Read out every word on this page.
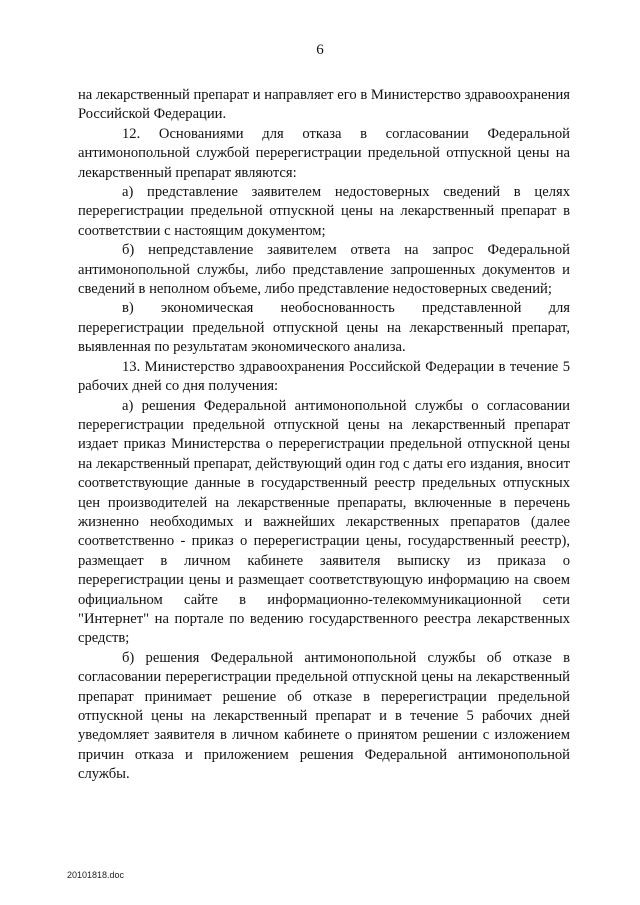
6

на лекарственный препарат и направляет его в Министерство здравоохранения Российской Федерации.

12. Основаниями для отказа в согласовании Федеральной антимонопольной службой перерегистрации предельной отпускной цены на лекарственный препарат являются:

а) представление заявителем недостоверных сведений в целях перерегистрации предельной отпускной цены на лекарственный препарат в соответствии с настоящим документом;

б) непредставление заявителем ответа на запрос Федеральной антимонопольной службы, либо представление запрошенных документов и сведений в неполном объеме, либо представление недостоверных сведений;

в) экономическая необоснованность представленной для перерегистрации предельной отпускной цены на лекарственный препарат, выявленная по результатам экономического анализа.

13. Министерство здравоохранения Российской Федерации в течение 5 рабочих дней со дня получения:

а) решения Федеральной антимонопольной службы о согласовании перерегистрации предельной отпускной цены на лекарственный препарат издает приказ Министерства о перерегистрации предельной отпускной цены на лекарственный препарат, действующий один год с даты его издания, вносит соответствующие данные в государственный реестр предельных отпускных цен производителей на лекарственные препараты, включенные в перечень жизненно необходимых и важнейших лекарственных препаратов (далее соответственно - приказ о перерегистрации цены, государственный реестр), размещает в личном кабинете заявителя выписку из приказа о перерегистрации цены и размещает соответствующую информацию на своем официальном сайте в информационно-телекоммуникационной сети "Интернет" на портале по ведению государственного реестра лекарственных средств;

б) решения Федеральной антимонопольной службы об отказе в согласовании перерегистрации предельной отпускной цены на лекарственный препарат принимает решение об отказе в перерегистрации предельной отпускной цены на лекарственный препарат и в течение 5 рабочих дней уведомляет заявителя в личном кабинете о принятом решении с изложением причин отказа и приложением решения Федеральной антимонопольной службы.

20101818.doc
